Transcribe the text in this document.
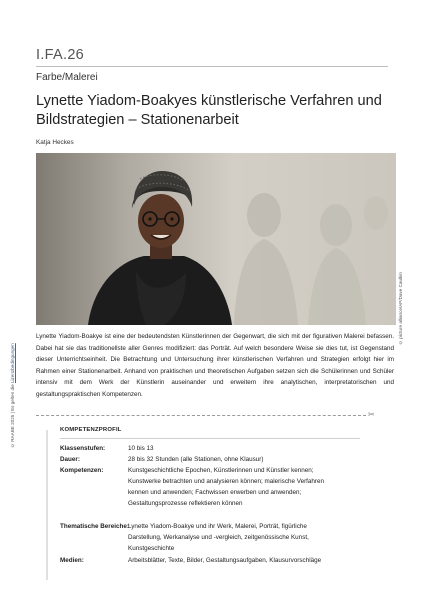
I.FA.26
Farbe/Malerei
Lynette Yiadom-Boakyes künstlerische Verfahren und Bildstrategien – Stationenarbeit
Katja Heckes
© RAABE 2025 | Es gelten die Lizenzbedingungen
© picture alliance/AP/Dave Caulkin
Lynette Yiadom-Boakye ist eine der bedeutendsten Künstlerinnen der Gegenwart, die sich mit der figurativen Malerei befassen. Dabei hat sie das traditionellste aller Genres modifiziert: das Porträt. Auf welch besondere Weise sie dies tut, ist Gegenstand dieser Unterrichtseinheit. Die Betrachtung und Untersuchung ihrer künstlerischen Verfahren und Strategien erfolgt hier im Rahmen einer Stationenarbeit. Anhand von praktischen und theoretischen Aufgaben setzen sich die Schülerinnen und Schüler intensiv mit dem Werk der Künstlerin auseinander und erweitern ihre analytischen, interpretatorischen und gestaltungspraktischen Kompetenzen.
✂
KOMPETENZPROFIL
Klassenstufen:	10 bis 13
Dauer:	28 bis 32 Stunden (alle Stationen, ohne Klausur)
Kompetenzen:	Kunstgeschichtliche Epochen, Künstlerinnen und Künstler kennen; Kunstwerke betrachten und analysieren können; malerische Verfahren kennen und anwenden; Fachwissen erwerben und anwenden; Gestaltungsprozesse reflektieren können
Thematische Bereiche: Lynette Yiadom-Boakye und ihr Werk, Malerei, Porträt, figürliche Darstellung, Werkanalyse und -vergleich, zeitgenössische Kunst, Kunstgeschichte
Medien:	Arbeitsblätter, Texte, Bilder, Gestaltungsaufgaben, Klausurvorschläge
